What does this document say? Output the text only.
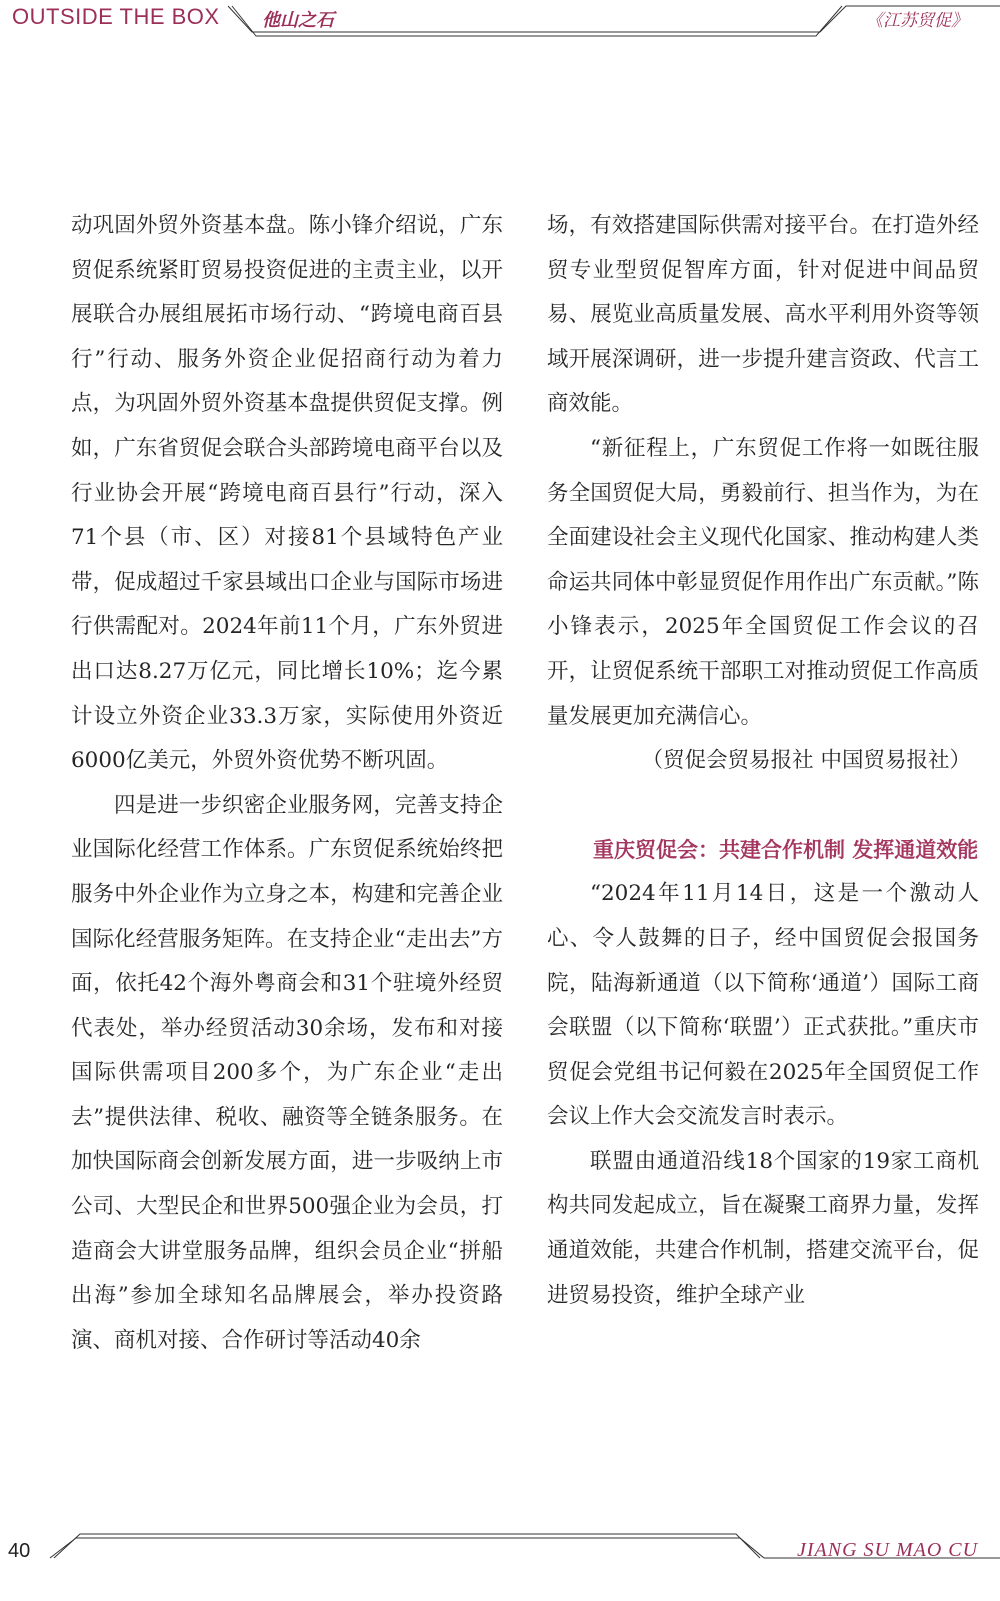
OUTSIDE THE BOX 他山之石	《江苏贸促》

动巩固外贸外资基本盘。陈小锋介绍说，广东贸促系统紧盯贸易投资促进的主责主业，以开展联合办展组展拓市场行动、“跨境电商百县行”行动、服务外资企业促招商行动为着力点，为巩固外贸外资基本盘提供贸促支撑。例如，广东省贸促会联合头部跨境电商平台以及行业协会开展“跨境电商百县行”行动，深入71个县（市、区）对接81个县域特色产业带，促成超过千家县域出口企业与国际市场进行供需配对。2024年前11个月，广东外贸进出口达8.27万亿元，同比增长10%；迄今累计设立外资企业33.3万家，实际使用外资近6000亿美元，外贸外资优势不断巩固。

四是进一步织密企业服务网，完善支持企业国际化经营工作体系。广东贸促系统始终把服务中外企业作为立身之本，构建和完善企业国际化经营服务矩阵。在支持企业“走出去”方面，依托42个海外粤商会和31个驻境外经贸代表处，举办经贸活动30余场，发布和对接国际供需项目200多个，为广东企业“走出去”提供法律、税收、融资等全链条服务。在加快国际商会创新发展方面，进一步吸纳上市公司、大型民企和世界500强企业为会员，打造商会大讲堂服务品牌，组织会员企业“拼船出海”参加全球知名品牌展会，举办投资路演、商机对接、合作研讨等活动40余

场，有效搭建国际供需对接平台。在打造外经贸专业型贸促智库方面，针对促进中间品贸易、展览业高质量发展、高水平利用外资等领域开展深调研，进一步提升建言资政、代言工商效能。

“新征程上，广东贸促工作将一如既往服务全国贸促大局，勇毅前行、担当作为，为在全面建设社会主义现代化国家、推动构建人类命运共同体中彰显贸促作用作出广东贡献。”陈小锋表示，2025年全国贸促工作会议的召开，让贸促系统干部职工对推动贸促工作高质量发展更加充满信心。

（贸促会贸易报社 中国贸易报社）

重庆贸促会：共建合作机制 发挥通道效能

“2024年11月14日，这是一个激动人心、令人鼓舞的日子，经中国贸促会报国务院，陆海新通道（以下简称‘通道’）国际工商会联盟（以下简称‘联盟’）正式获批。”重庆市贸促会党组书记何毅在2025年全国贸促工作会议上作大会交流发言时表示。

联盟由通道沿线18个国家的19家工商机构共同发起成立，旨在凝聚工商界力量，发挥通道效能，共建合作机制，搭建交流平台，促进贸易投资，维护全球产业

40	JIANG SU MAO CU
